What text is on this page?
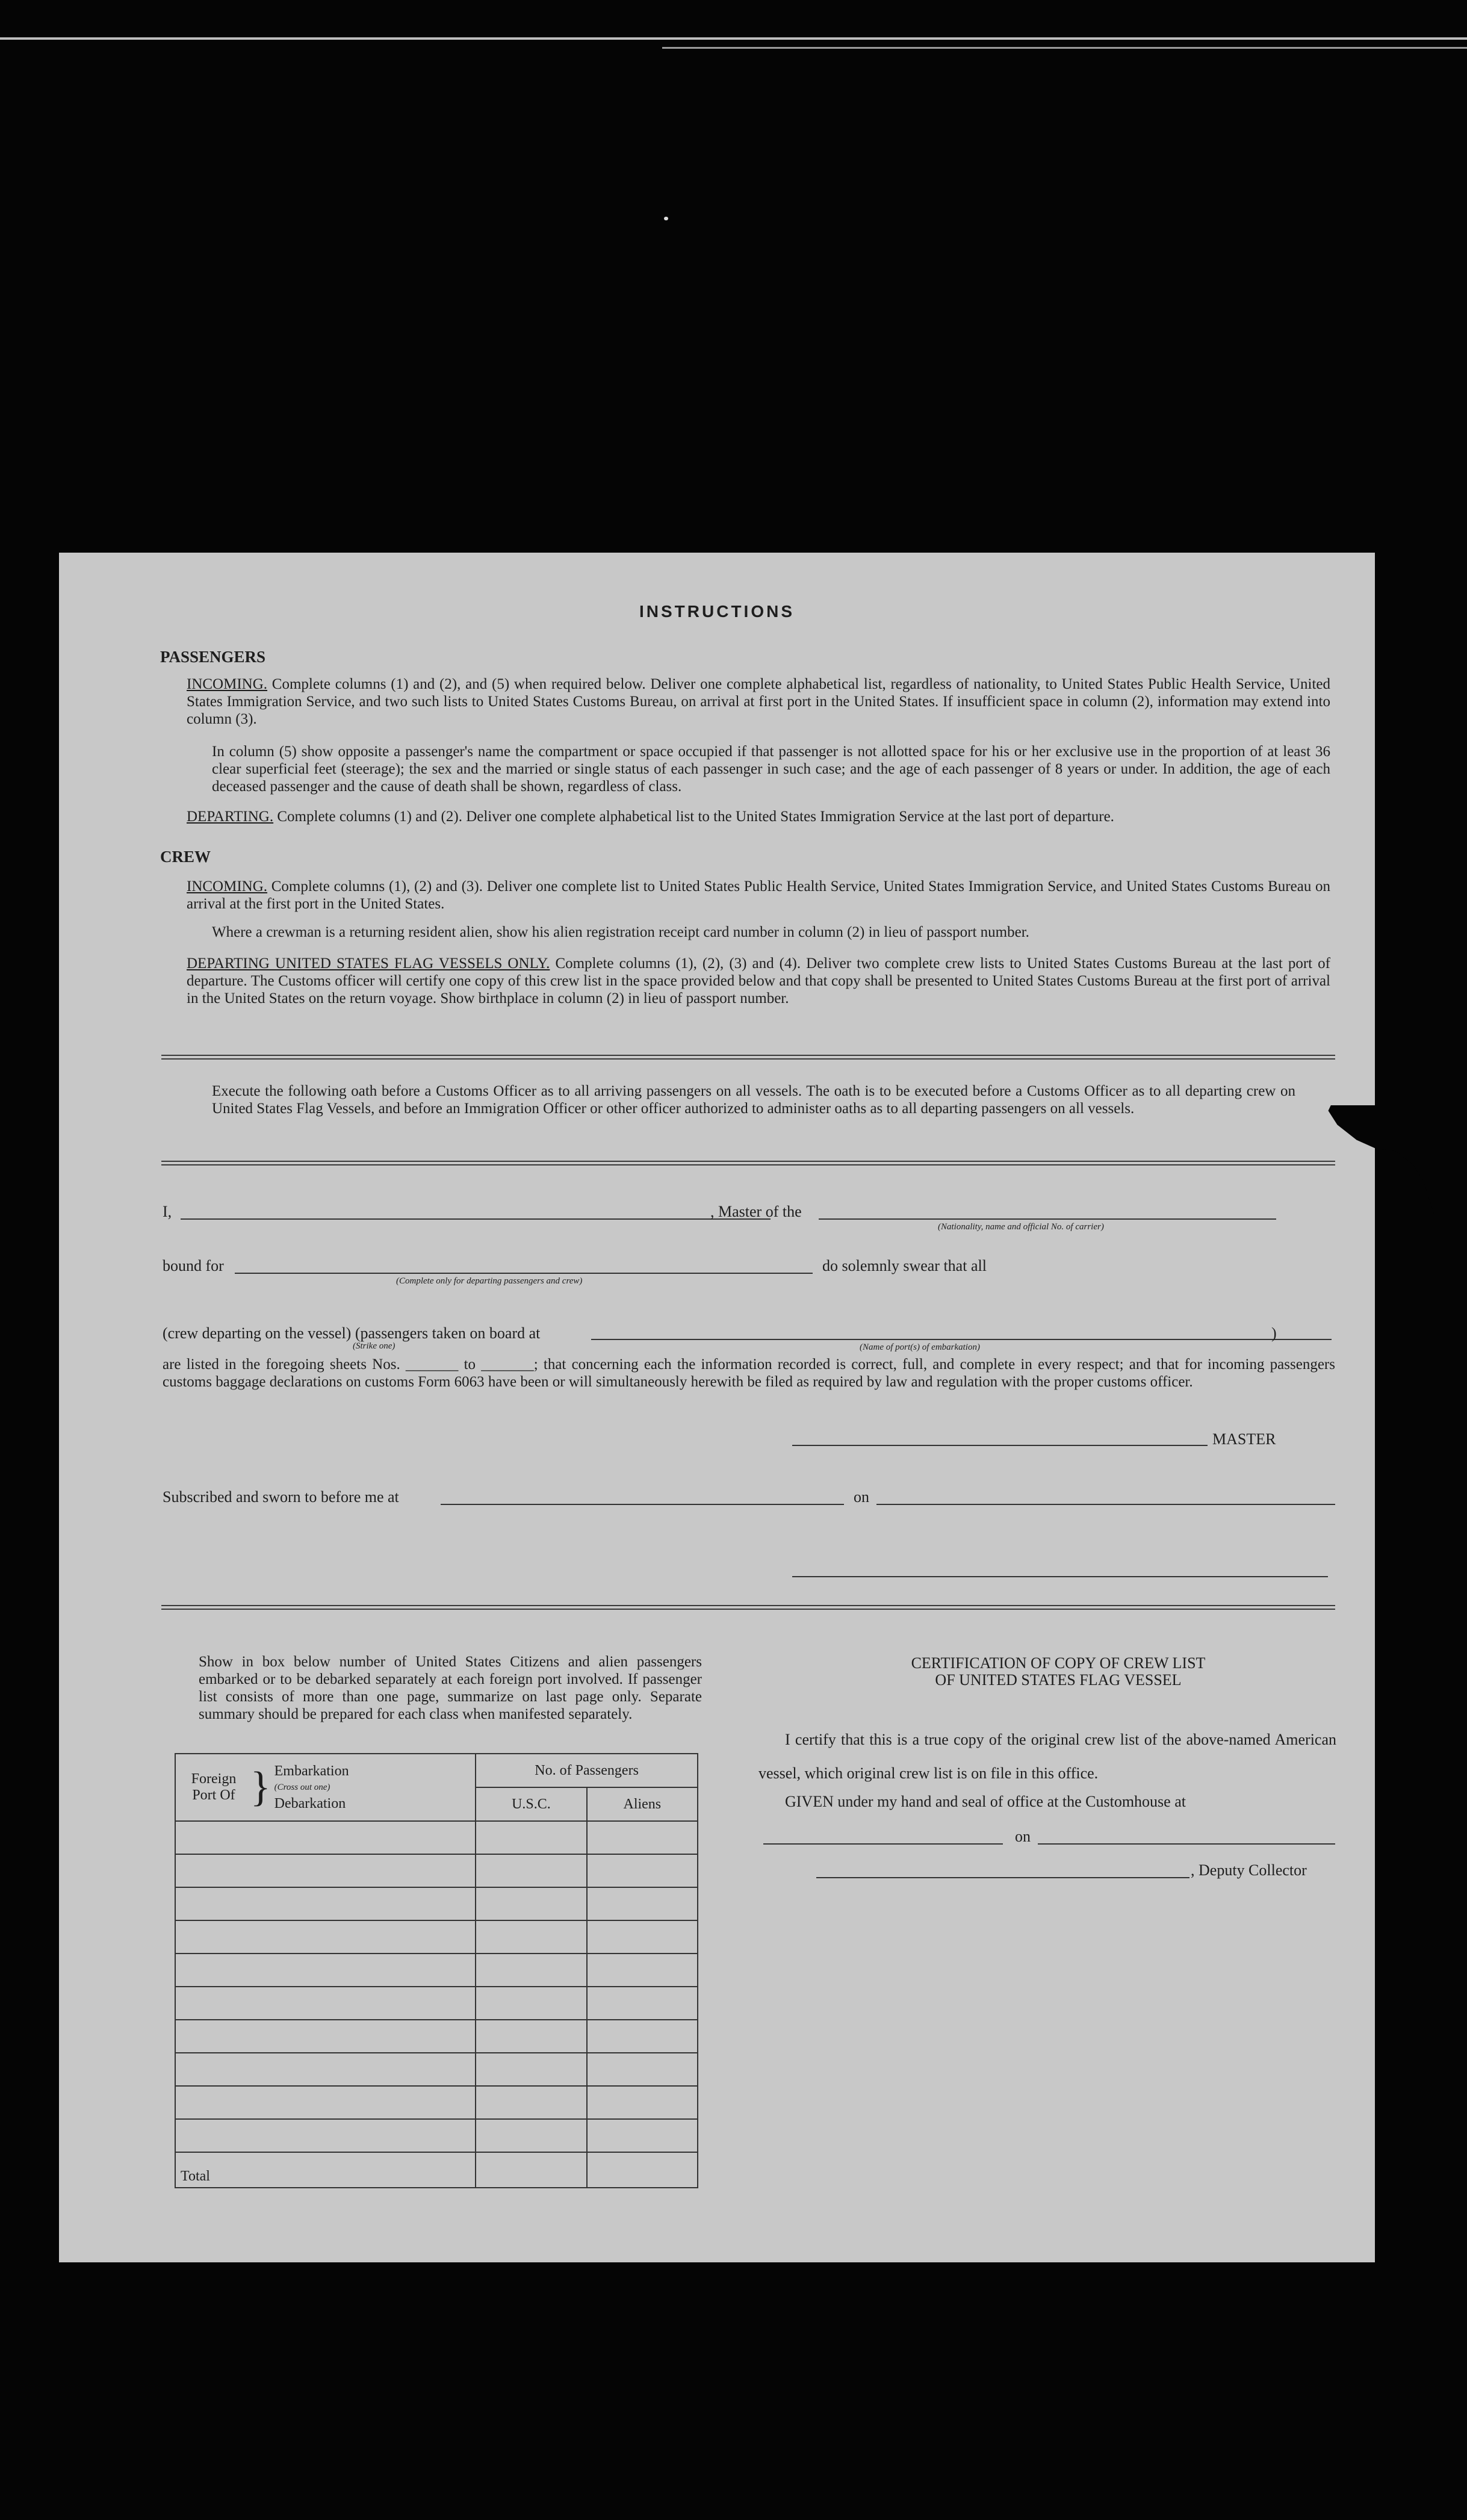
INSTRUCTIONS
PASSENGERS
INCOMING. Complete columns (1) and (2), and (5) when required below. Deliver one complete alphabetical list, regardless of nationality, to United States Public Health Service, United States Immigration Service, and two such lists to United States Customs Bureau, on arrival at first port in the United States. If insufficient space in column (2), information may extend into column (3).
In column (5) show opposite a passenger's name the compartment or space occupied if that passenger is not allotted space for his or her exclusive use in the proportion of at least 36 clear superficial feet (steerage); the sex and the married or single status of each passenger in such case; and the age of each passenger of 8 years or under. In addition, the age of each deceased passenger and the cause of death shall be shown, regardless of class.
DEPARTING. Complete columns (1) and (2). Deliver one complete alphabetical list to the United States Immigration Service at the last port of departure.
CREW
INCOMING. Complete columns (1), (2) and (3). Deliver one complete list to United States Public Health Service, United States Immigration Service, and United States Customs Bureau on arrival at the first port in the United States.
Where a crewman is a returning resident alien, show his alien registration receipt card number in column (2) in lieu of passport number.
DEPARTING UNITED STATES FLAG VESSELS ONLY. Complete columns (1), (2), (3) and (4). Deliver two complete crew lists to United States Customs Bureau at the last port of departure. The Customs officer will certify one copy of this crew list in the space provided below and that copy shall be presented to United States Customs Bureau at the first port of arrival in the United States on the return voyage. Show birthplace in column (2) in lieu of passport number.
Execute the following oath before a Customs Officer as to all arriving passengers on all vessels. The oath is to be executed before a Customs Officer as to all departing crew on United States Flag Vessels, and before an Immigration Officer or other officer authorized to administer oaths as to all departing passengers on all vessels.
I,	, Master of the
(Nationality, name and official No. of carrier)
bound for
(Complete only for departing passengers and crew)
do solemnly swear that all
(crew departing on the vessel) (passengers taken on board at
(Strike one)
)
(Name of port(s) of embarkation)
are listed in the foregoing sheets Nos. _______ to _______; that concerning each the information recorded is correct, full, and complete in every respect; and that for incoming passengers customs baggage declarations on customs Form 6063 have been or will simultaneously herewith be filed as required by law and regulation with the proper customs officer.
MASTER
Subscribed and sworn to before me at	on
Show in box below number of United States Citizens and alien passengers embarked or to be debarked separately at each foreign port involved. If passenger list consists of more than one page, summarize on last page only. Separate summary should be prepared for each class when manifested separately.
CERTIFICATION OF COPY OF CREW LIST
OF UNITED STATES FLAG VESSEL
I certify that this is a true copy of the original crew list of the above-named American vessel, which original crew list is on file in this office.
GIVEN under my hand and seal of office at the Customhouse at
on
, Deputy Collector
Foreign Port Of } Embarkation
(Cross out one)
Debarkation	No. of Passengers	
	U.S.C.	Aliens

Total		
